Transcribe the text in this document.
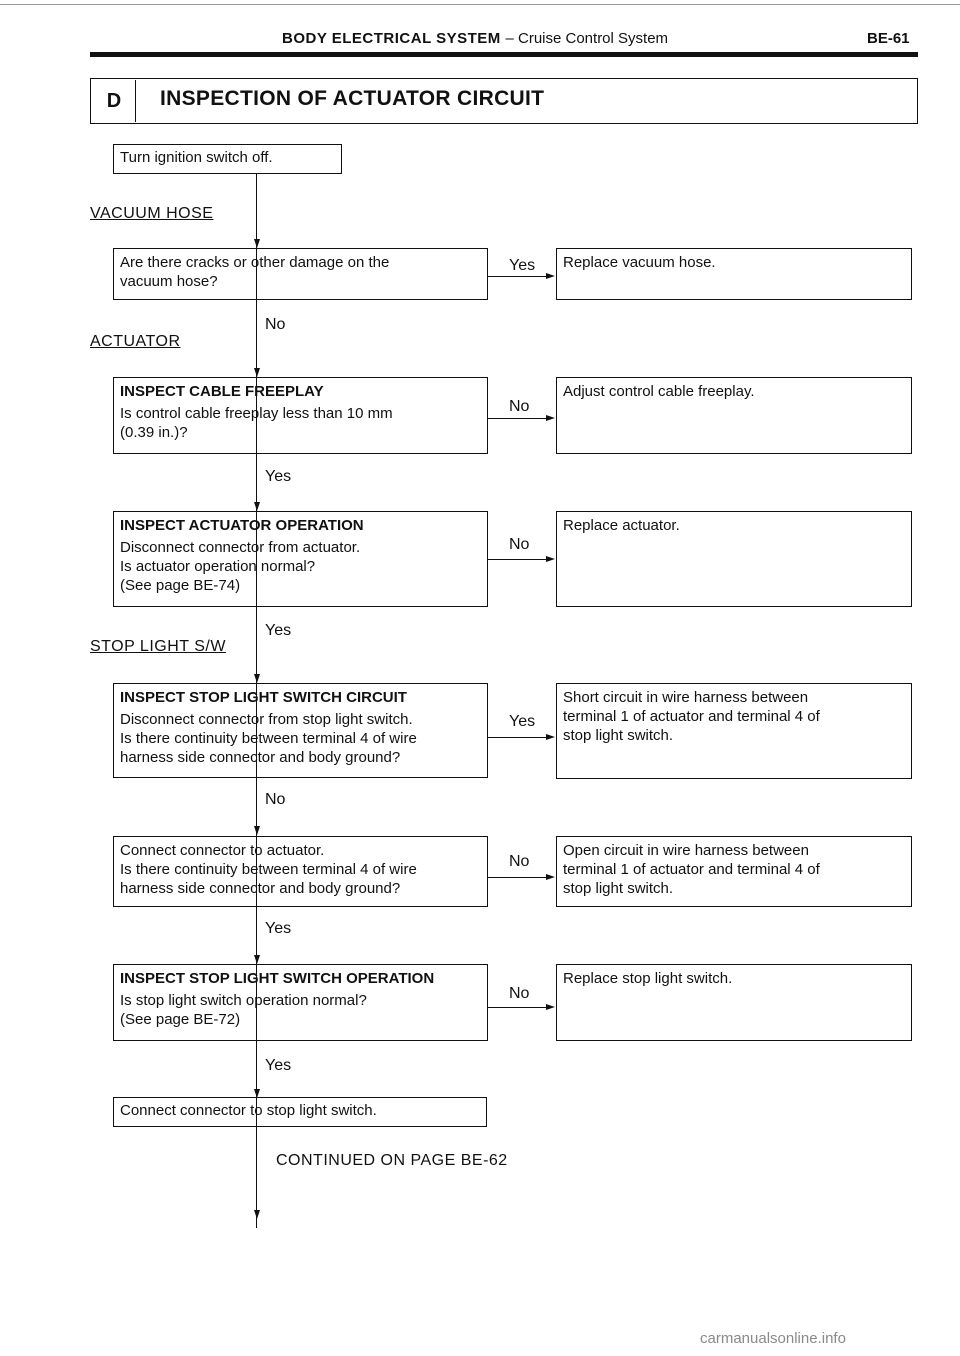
BODY ELECTRICAL SYSTEM – Cruise Control System	BE-61
D	INSPECTION OF ACTUATOR CIRCUIT
Turn ignition switch off.
VACUUM HOSE
ACTUATOR
STOP LIGHT S/W
Are there cracks or other damage on the
vacuum hose?
Yes Replace vacuum hose.
No
INSPECT CABLE FREEPLAY
Is control cable freeplay less than 10 mm
(0.39 in.)?
No
Adjust control cable freeplay.
Yes
INSPECT ACTUATOR OPERATION
Disconnect connector from actuator.
Is actuator operation normal?
(See page BE-74)
No
Replace actuator.
Yes
INSPECT STOP LIGHT SWITCH CIRCUIT
Disconnect connector from stop light switch.
Is there continuity between terminal 4 of wire
harness side connector and body ground?
Yes
Short circuit in wire harness between
terminal 1 of actuator and terminal 4 of
stop light switch.
No
Connect connector to actuator.
Is there continuity between terminal 4 of wire
harness side connector and body ground?
No
Open circuit in wire harness between
terminal 1 of actuator and terminal 4 of
stop light switch.
Yes
INSPECT STOP LIGHT SWITCH OPERATION
Is stop light switch operation normal?
(See page BE-72)
No
Replace stop light switch.
Yes
Connect connector to stop light switch.
CONTINUED ON PAGE BE-62
carmanualsonline.info
